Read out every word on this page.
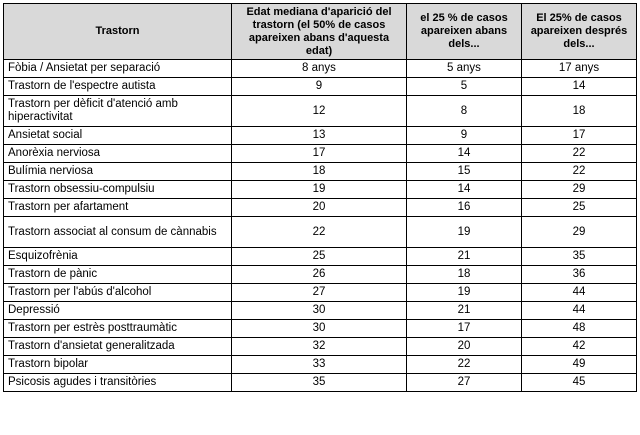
Trastorn	Edat mediana d'aparició del trastorn (el 50% de casos apareixen abans d'aquesta edat)	el 25 % de casos apareixen abans dels...	El 25% de casos apareixen després dels...
Fòbia / Ansietat per separació	8 anys	5 anys	17 anys
Trastorn de l'espectre autista	9	5	14
Trastorn per dèficit d'atenció amb hiperactivitat	12	8	18
Ansietat social	13	9	17
Anorèxia nerviosa	17	14	22
Bulímia nerviosa	18	15	22
Trastorn obsessiu-compulsiu	19	14	29
Trastorn per afartament	20	16	25
Trastorn associat al consum de cànnabis	22	19	29
Esquizofrènia	25	21	35
Trastorn de pànic	26	18	36
Trastorn per l'abús d'alcohol	27	19	44
Depressió	30	21	44
Trastorn per estrès posttraumàtic	30	17	48
Trastorn d'ansietat generalitzada	32	20	42
Trastorn bipolar	33	22	49
Psicosis agudes i transitòries	35	27	45
